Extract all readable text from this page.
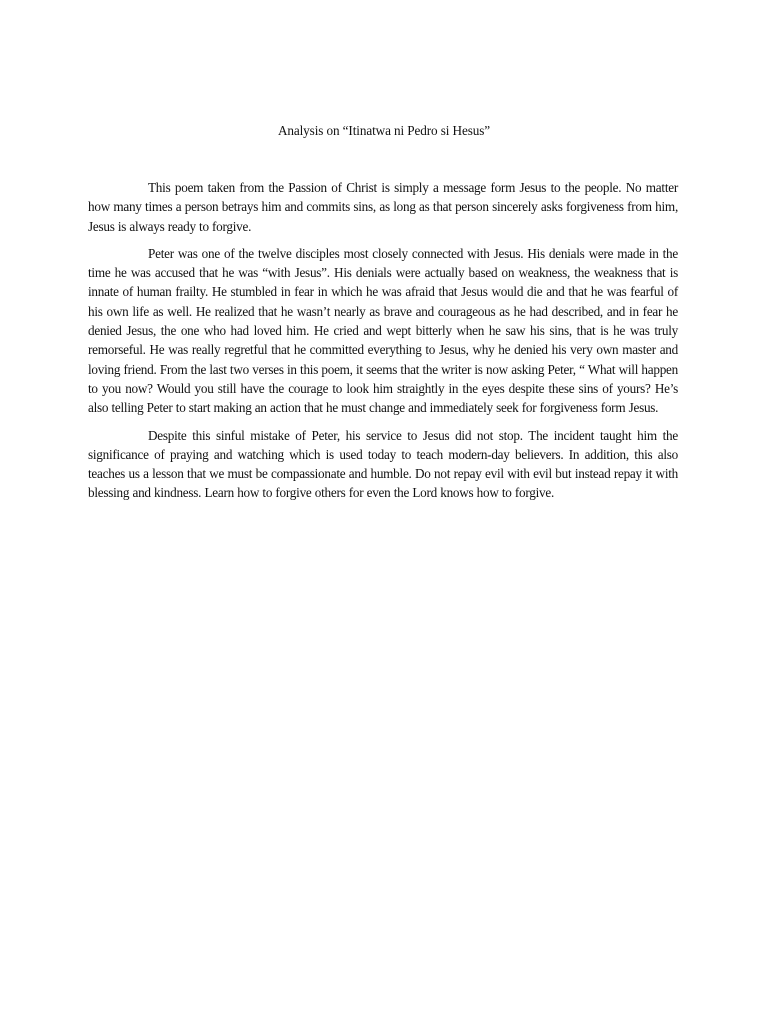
Analysis on “Itinatwa ni Pedro si Hesus”

This poem taken from the Passion of Christ is simply a message form Jesus to the people. No matter how many times a person betrays him and commits sins, as long as that person sincerely asks forgiveness from him, Jesus is always ready to forgive.

Peter was one of the twelve disciples most closely connected with Jesus. His denials were made in the time he was accused that he was “with Jesus”. His denials were actually based on weakness, the weakness that is innate of human frailty. He stumbled in fear in which he was afraid that Jesus would die and that he was fearful of his own life as well. He realized that he wasn’t nearly as brave and courageous as he had described, and in fear he denied Jesus, the one who had loved him. He cried and wept bitterly when he saw his sins, that is he was truly remorseful. He was really regretful that he committed everything to Jesus, why he denied his very own master and loving friend. From the last two verses in this poem, it seems that the writer is now asking Peter, “ What will happen to you now? Would you still have the courage to look him straightly in the eyes despite these sins of yours? He’s also telling Peter to start making an action that he must change and immediately seek for forgiveness form Jesus.

Despite this sinful mistake of Peter, his service to Jesus did not stop. The incident taught him the significance of praying and watching which is used today to teach modern-day believers. In addition, this also teaches us a lesson that we must be compassionate and humble. Do not repay evil with evil but instead repay it with blessing and kindness. Learn how to forgive others for even the Lord knows how to forgive.
